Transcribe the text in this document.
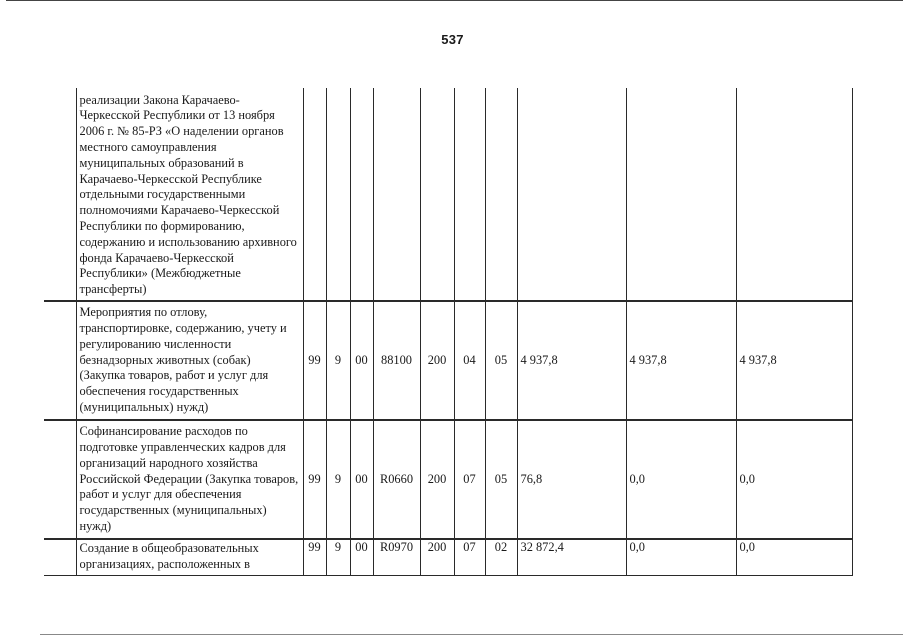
537
	реализации Закона Карачаево-Черкесской Республики от 13 ноября 2006 г. № 85-РЗ «О наделении органов местного самоуправления муниципальных образований в Карачаево-Черкесской Республике отдельными государственными полномочиями Карачаево-Черкесской Республики по формированию, содержанию и использованию архивного фонда Карачаево-Черкесской Республики» (Межбюджетные трансферты)										
	Мероприятия по отлову, транспортировке, содержанию, учету и регулированию численности безнадзорных животных (собак) (Закупка товаров, работ и услуг для обеспечения государственных (муниципальных) нужд)	99	9	00	88100	200	04	05	4 937,8	4 937,8	4 937,8
	Софинансирование расходов по подготовке управленческих кадров для организаций народного хозяйства Российской Федерации (Закупка товаров, работ и услуг для обеспечения государственных (муниципальных) нужд)	99	9	00	R0660	200	07	05	76,8	0,0	0,0
	Создание в общеобразовательных организациях, расположенных в	99	9	00	R0970	200	07	02	32 872,4	0,0	0,0
